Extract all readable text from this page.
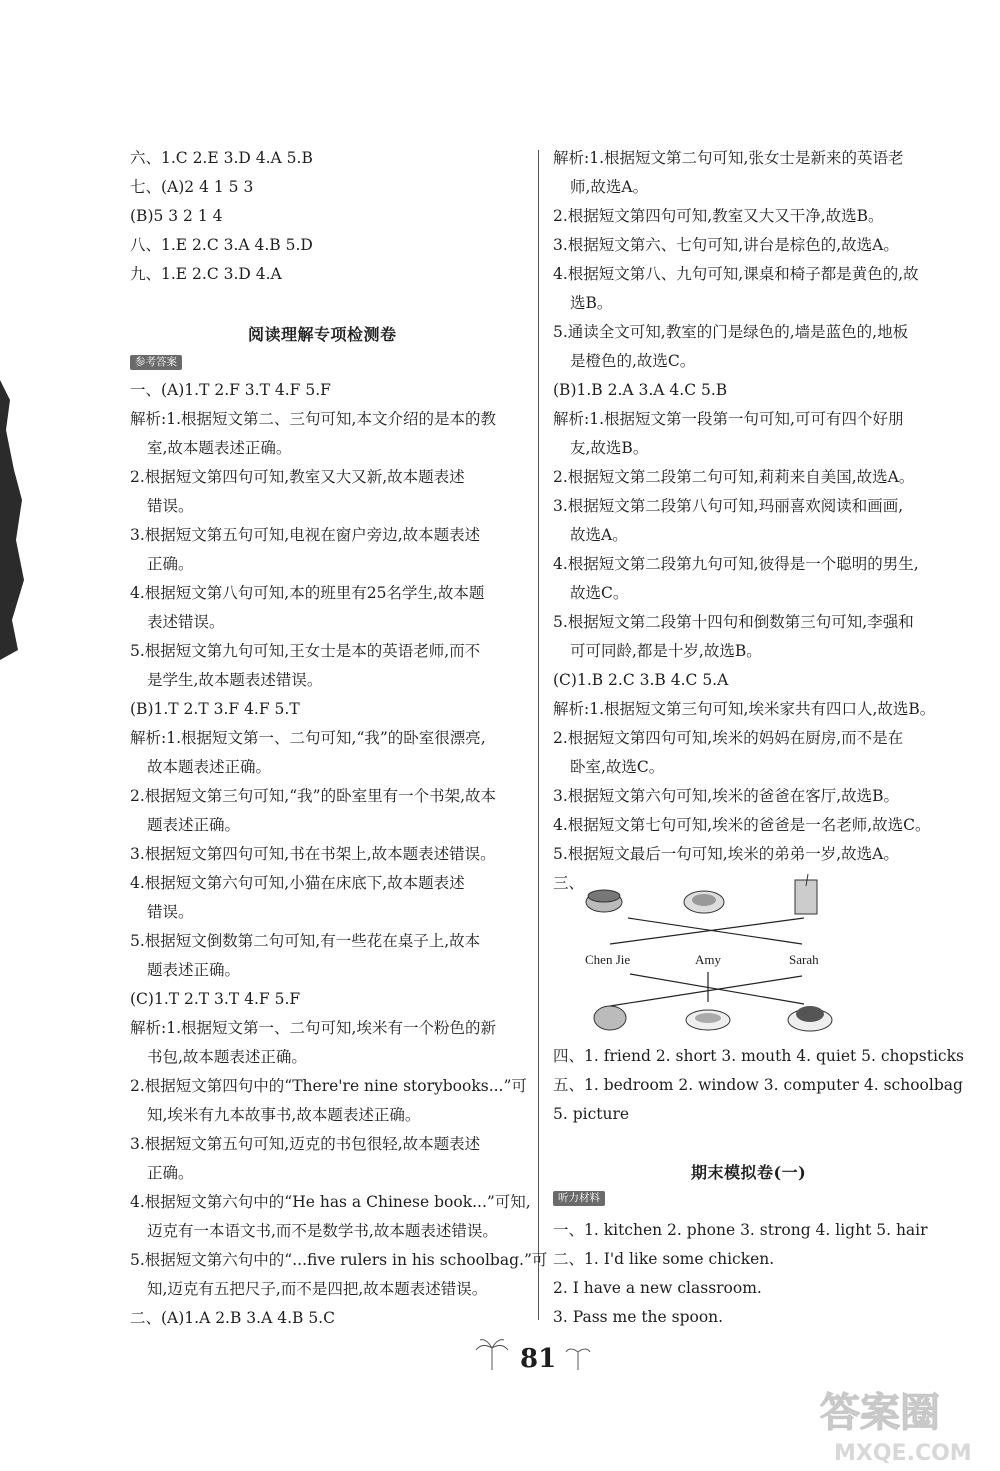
六、1.C 2.E 3.D 4.A 5.B
七、(A)2 4 1 5 3
(B)5 3 2 1 4
八、1.E 2.C 3.A 4.B 5.D
九、1.E 2.C 3.D 4.A
阅读理解专项检测卷
参考答案
一、(A)1.T 2.F 3.T 4.F 5.F
解析:1.根据短文第二、三句可知,本文介绍的是本的教
室,故本题表述正确。
2.根据短文第四句可知,教室又大又新,故本题表述
错误。
3.根据短文第五句可知,电视在窗户旁边,故本题表述
正确。
4.根据短文第八句可知,本的班里有25名学生,故本题
表述错误。
5.根据短文第九句可知,王女士是本的英语老师,而不
是学生,故本题表述错误。
(B)1.T 2.T 3.F 4.F 5.T
解析:1.根据短文第一、二句可知,“我”的卧室很漂亮,
故本题表述正确。
2.根据短文第三句可知,“我”的卧室里有一个书架,故本
题表述正确。
3.根据短文第四句可知,书在书架上,故本题表述错误。
4.根据短文第六句可知,小猫在床底下,故本题表述
错误。
5.根据短文倒数第二句可知,有一些花在桌子上,故本
题表述正确。
(C)1.T 2.T 3.T 4.F 5.F
解析:1.根据短文第一、二句可知,埃米有一个粉色的新
书包,故本题表述正确。
2.根据短文第四句中的“There're nine storybooks...”可
知,埃米有九本故事书,故本题表述正确。
3.根据短文第五句可知,迈克的书包很轻,故本题表述
正确。
4.根据短文第六句中的“He has a Chinese book...”可知,
迈克有一本语文书,而不是数学书,故本题表述错误。
5.根据短文第六句中的“...five rulers in his schoolbag.”可
知,迈克有五把尺子,而不是四把,故本题表述错误。
二、(A)1.A 2.B 3.A 4.B 5.C
解析:1.根据短文第二句可知,张女士是新来的英语老
师,故选A。
2.根据短文第四句可知,教室又大又干净,故选B。
3.根据短文第六、七句可知,讲台是棕色的,故选A。
4.根据短文第八、九句可知,课桌和椅子都是黄色的,故
选B。
5.通读全文可知,教室的门是绿色的,墙是蓝色的,地板
是橙色的,故选C。
(B)1.B 2.A 3.A 4.C 5.B
解析:1.根据短文第一段第一句可知,可可有四个好朋
友,故选B。
2.根据短文第二段第二句可知,莉莉来自美国,故选A。
3.根据短文第二段第八句可知,玛丽喜欢阅读和画画,
故选A。
4.根据短文第二段第九句可知,彼得是一个聪明的男生,
故选C。
5.根据短文第二段第十四句和倒数第三句可知,李强和
可可同龄,都是十岁,故选B。
(C)1.B 2.C 3.B 4.C 5.A
解析:1.根据短文第三句可知,埃米家共有四口人,故选B。
2.根据短文第四句可知,埃米的妈妈在厨房,而不是在
卧室,故选C。
3.根据短文第六句可知,埃米的爸爸在客厅,故选B。
4.根据短文第七句可知,埃米的爸爸是一名老师,故选C。
5.根据短文最后一句可知,埃米的弟弟一岁,故选A。
三、
四、1. friend 2. short 3. mouth 4. quiet 5. chopsticks
五、1. bedroom 2. window 3. computer 4. schoolbag
5. picture
期末模拟卷(一)
听力材料
一、1. kitchen 2. phone 3. strong 4. light 5. hair
二、1. I'd like some chicken.
2. I have a new classroom.
3. Pass me the spoon.
Chen Jie	Amy	Sarah
81
答案圈
MXQE.COM
